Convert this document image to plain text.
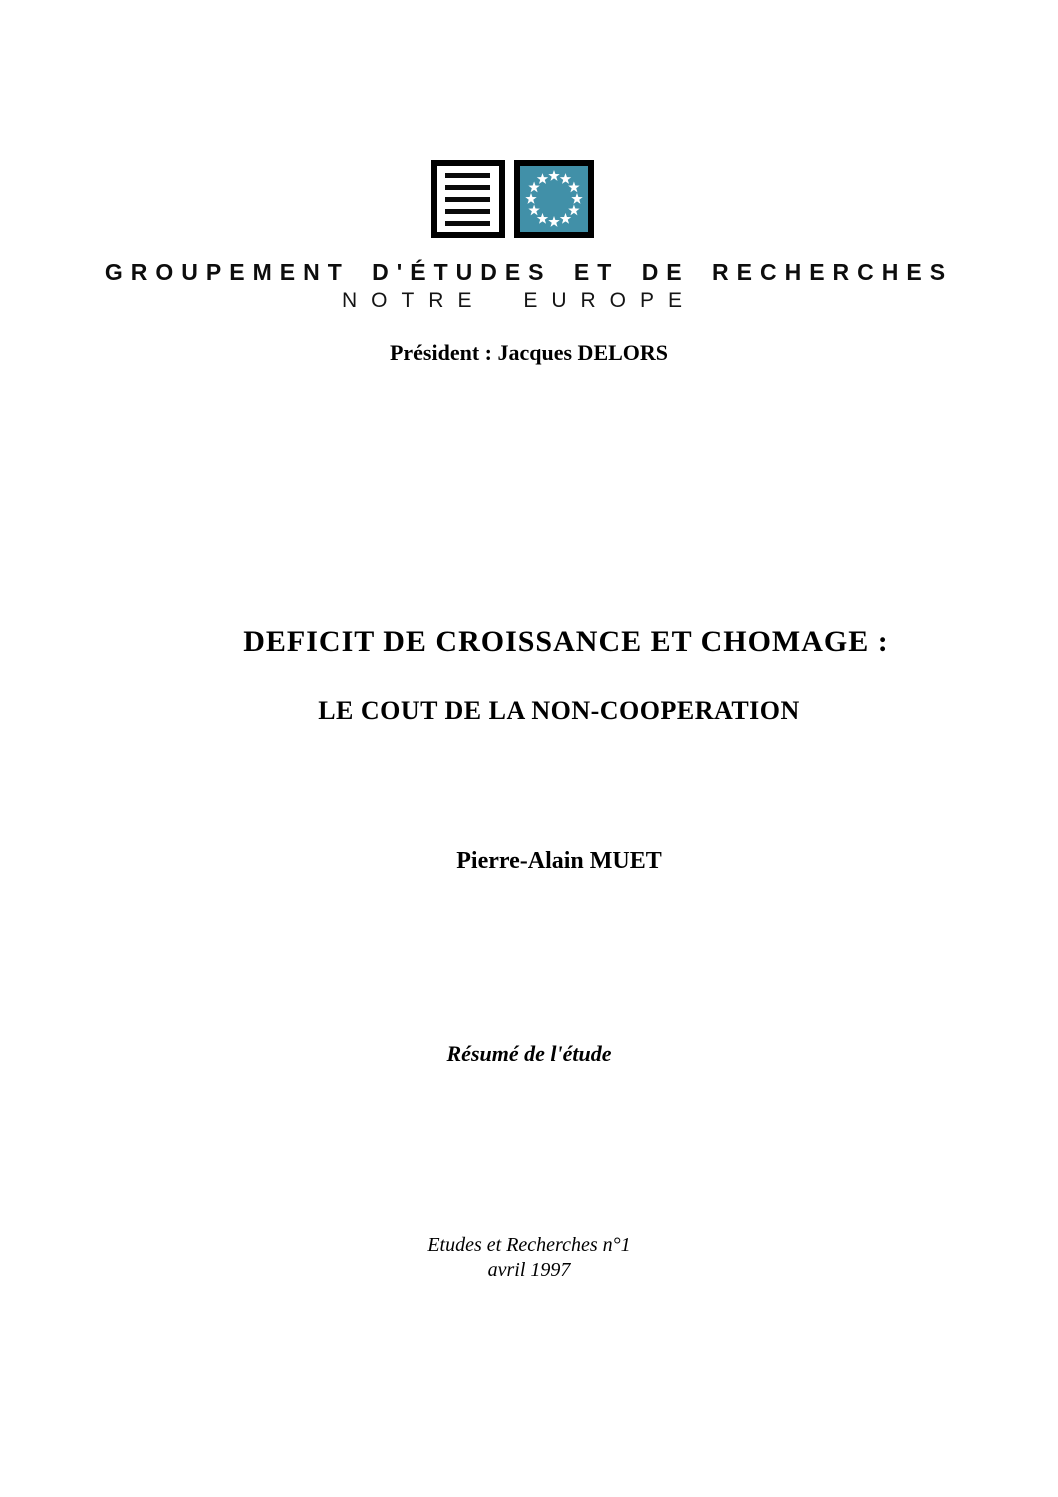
GROUPEMENT D'ÉTUDES ET DE RECHERCHES
NOTRE EUROPE
Président : Jacques DELORS
DEFICIT DE CROISSANCE ET CHOMAGE :
LE COUT DE LA NON-COOPERATION
Pierre-Alain MUET
Résumé de l'étude
Etudes et Recherches n°1
avril 1997
